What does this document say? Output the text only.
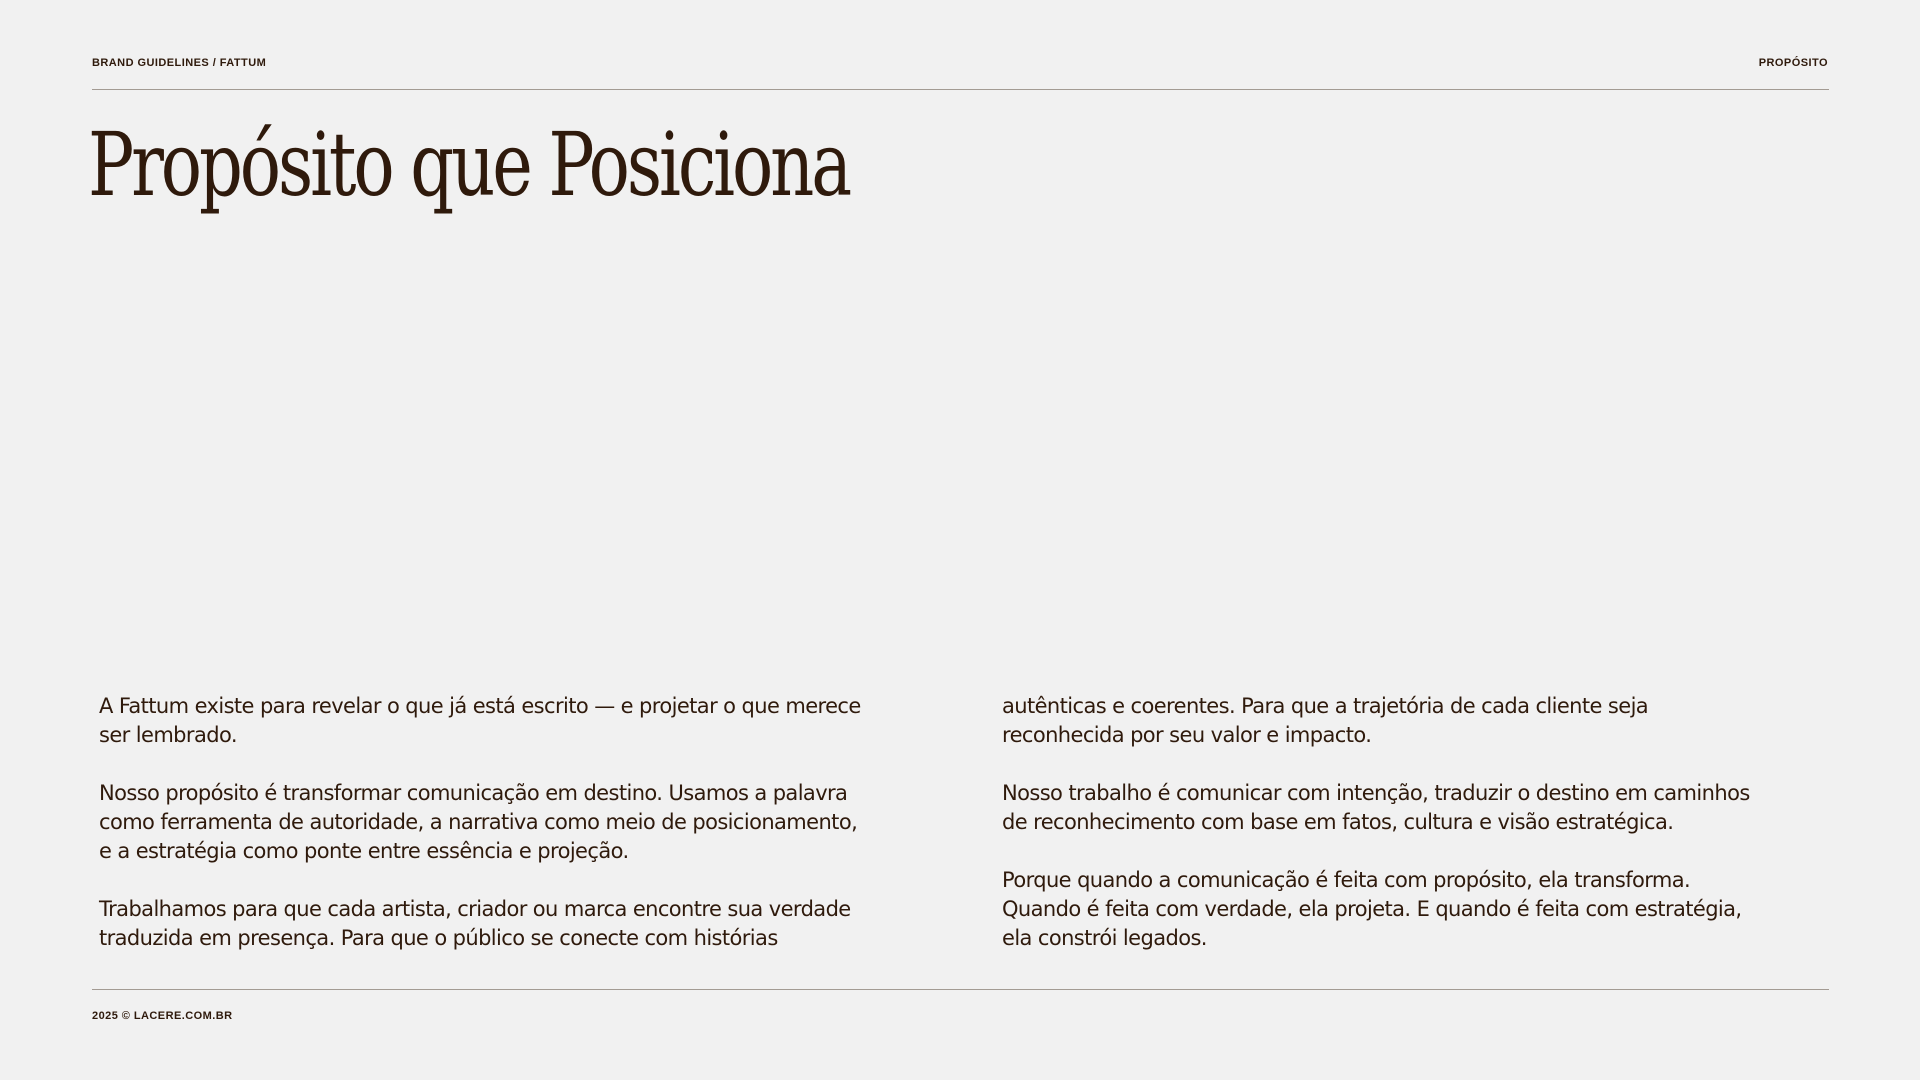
BRAND GUIDELINES / FATTUM	PROPÓSITO
Propósito que Posiciona

A Fattum existe para revelar o que já está escrito — e projetar o que merece
ser lembrado.

Nosso propósito é transformar comunicação em destino. Usamos a palavra
como ferramenta de autoridade, a narrativa como meio de posicionamento,
e a estratégia como ponte entre essência e projeção.

Trabalhamos para que cada artista, criador ou marca encontre sua verdade
traduzida em presença. Para que o público se conecte com histórias

autênticas e coerentes. Para que a trajetória de cada cliente seja
reconhecida por seu valor e impacto.

Nosso trabalho é comunicar com intenção, traduzir o destino em caminhos
de reconhecimento com base em fatos, cultura e visão estratégica.

Porque quando a comunicação é feita com propósito, ela transforma.
Quando é feita com verdade, ela projeta. E quando é feita com estratégia,
ela constrói legados.

2025 © LACERE.COM.BR
